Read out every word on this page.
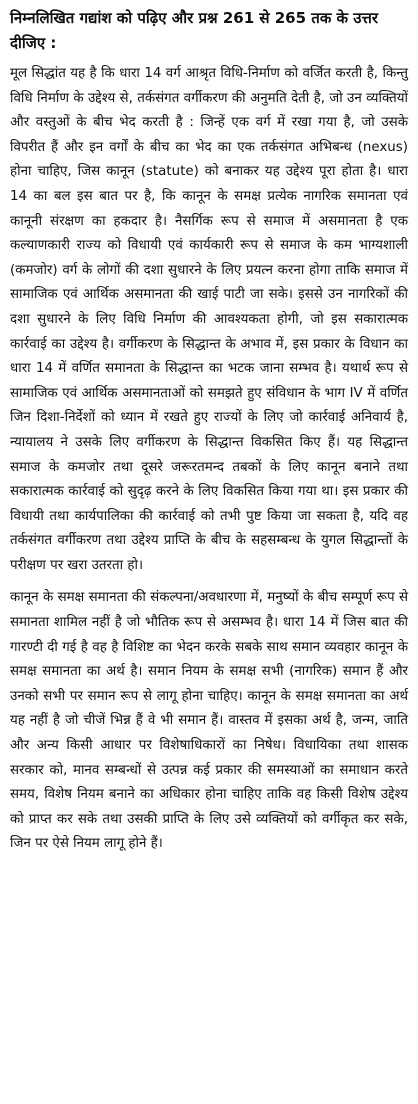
निम्नलिखित गद्यांश को पढ़िए और प्रश्न 261 से 265 तक के उत्तर दीजिए :

मूल सिद्धांत यह है कि धारा 14 वर्ग आश्रृत विधि-निर्माण को वर्जित करती है, किन्तु विधि निर्माण के उद्देश्य से, तर्कसंगत वर्गीकरण की अनुमति देती है, जो उन व्यक्तियों और वस्तुओं के बीच भेद करती है : जिन्हें एक वर्ग में रखा गया है, जो उसके विपरीत हैं और इन वर्गों के बीच का भेद का एक तर्कसंगत अभिबन्ध (nexus) होना चाहिए, जिस कानून (statute) को बनाकर यह उद्देश्य पूरा होता है। धारा 14 का बल इस बात पर है, कि कानून के समक्ष प्रत्येक नागरिक समानता एवं कानूनी संरक्षण का हकदार है। नैसर्गिक रूप से समाज में असमानता है एक कल्याणकारी राज्य को विधायी एवं कार्यकारी रूप से समाज के कम भाग्यशाली (कमजोर) वर्ग के लोगों की दशा सुधारने के लिए प्रयत्न करना होगा ताकि समाज में सामाजिक एवं आर्थिक असमानता की खाई पाटी जा सके। इससे उन नागरिकों की दशा सुधारने के लिए विधि निर्माण की आवश्यकता होगी, जो इस सकारात्मक कार्रवाई का उद्देश्य है। वर्गीकरण के सिद्धान्त के अभाव में, इस प्रकार के विधान का धारा 14 में वर्णित समानता के सिद्धान्त का भटक जाना सम्भव है। यथार्थ रूप से सामाजिक एवं आर्थिक असमानताओं को समझते हुए संविधान के भाग IV में वर्णित जिन दिशा-निर्देशों को ध्यान में रखते हुए राज्यों के लिए जो कार्रवाई अनिवार्य है, न्यायालय ने उसके लिए वर्गीकरण के सिद्धान्त विकसित किए हैं। यह सिद्धान्त समाज के कमजोर तथा दूसरे जरूरतमन्द तबकों के लिए कानून बनाने तथा सकारात्मक कार्रवाई को सुदृढ़ करने के लिए विकसित किया गया था। इस प्रकार की विधायी तथा कार्यपालिका की कार्रवाई को तभी पुष्ट किया जा सकता है, यदि वह तर्कसंगत वर्गीकरण तथा उद्देश्य प्राप्ति के बीच के सहसम्बन्ध के युगल सिद्धान्तों के परीक्षण पर खरा उतरता हो।

कानून के समक्ष समानता की संकल्पना/अवधारणा में, मनुष्यों के बीच सम्पूर्ण रूप से समानता शामिल नहीं है जो भौतिक रूप से असम्भव है। धारा 14 में जिस बात की गारण्टी दी गई है वह है विशिष्ट का भेदन करके सबके साथ समान व्यवहार कानून के समक्ष समानता का अर्थ है। समान नियम के समक्ष सभी (नागरिक) समान हैं और उनको सभी पर समान रूप से लागू होना चाहिए। कानून के समक्ष समानता का अर्थ यह नहीं है जो चीजें भिन्न हैं वे भी समान हैं। वास्तव में इसका अर्थ है, जन्म, जाति और अन्य किसी आधार पर विशेषाधिकारों का निषेध। विधायिका तथा शासक सरकार को, मानव सम्बन्धों से उत्पन्न कई प्रकार की समस्याओं का समाधान करते समय, विशेष नियम बनाने का अधिकार होना चाहिए ताकि वह किसी विशेष उद्देश्य को प्राप्त कर सके तथा उसकी प्राप्ति के लिए उसे व्यक्तियों को वर्गीकृत कर सके, जिन पर ऐसे नियम लागू होने हैं।
